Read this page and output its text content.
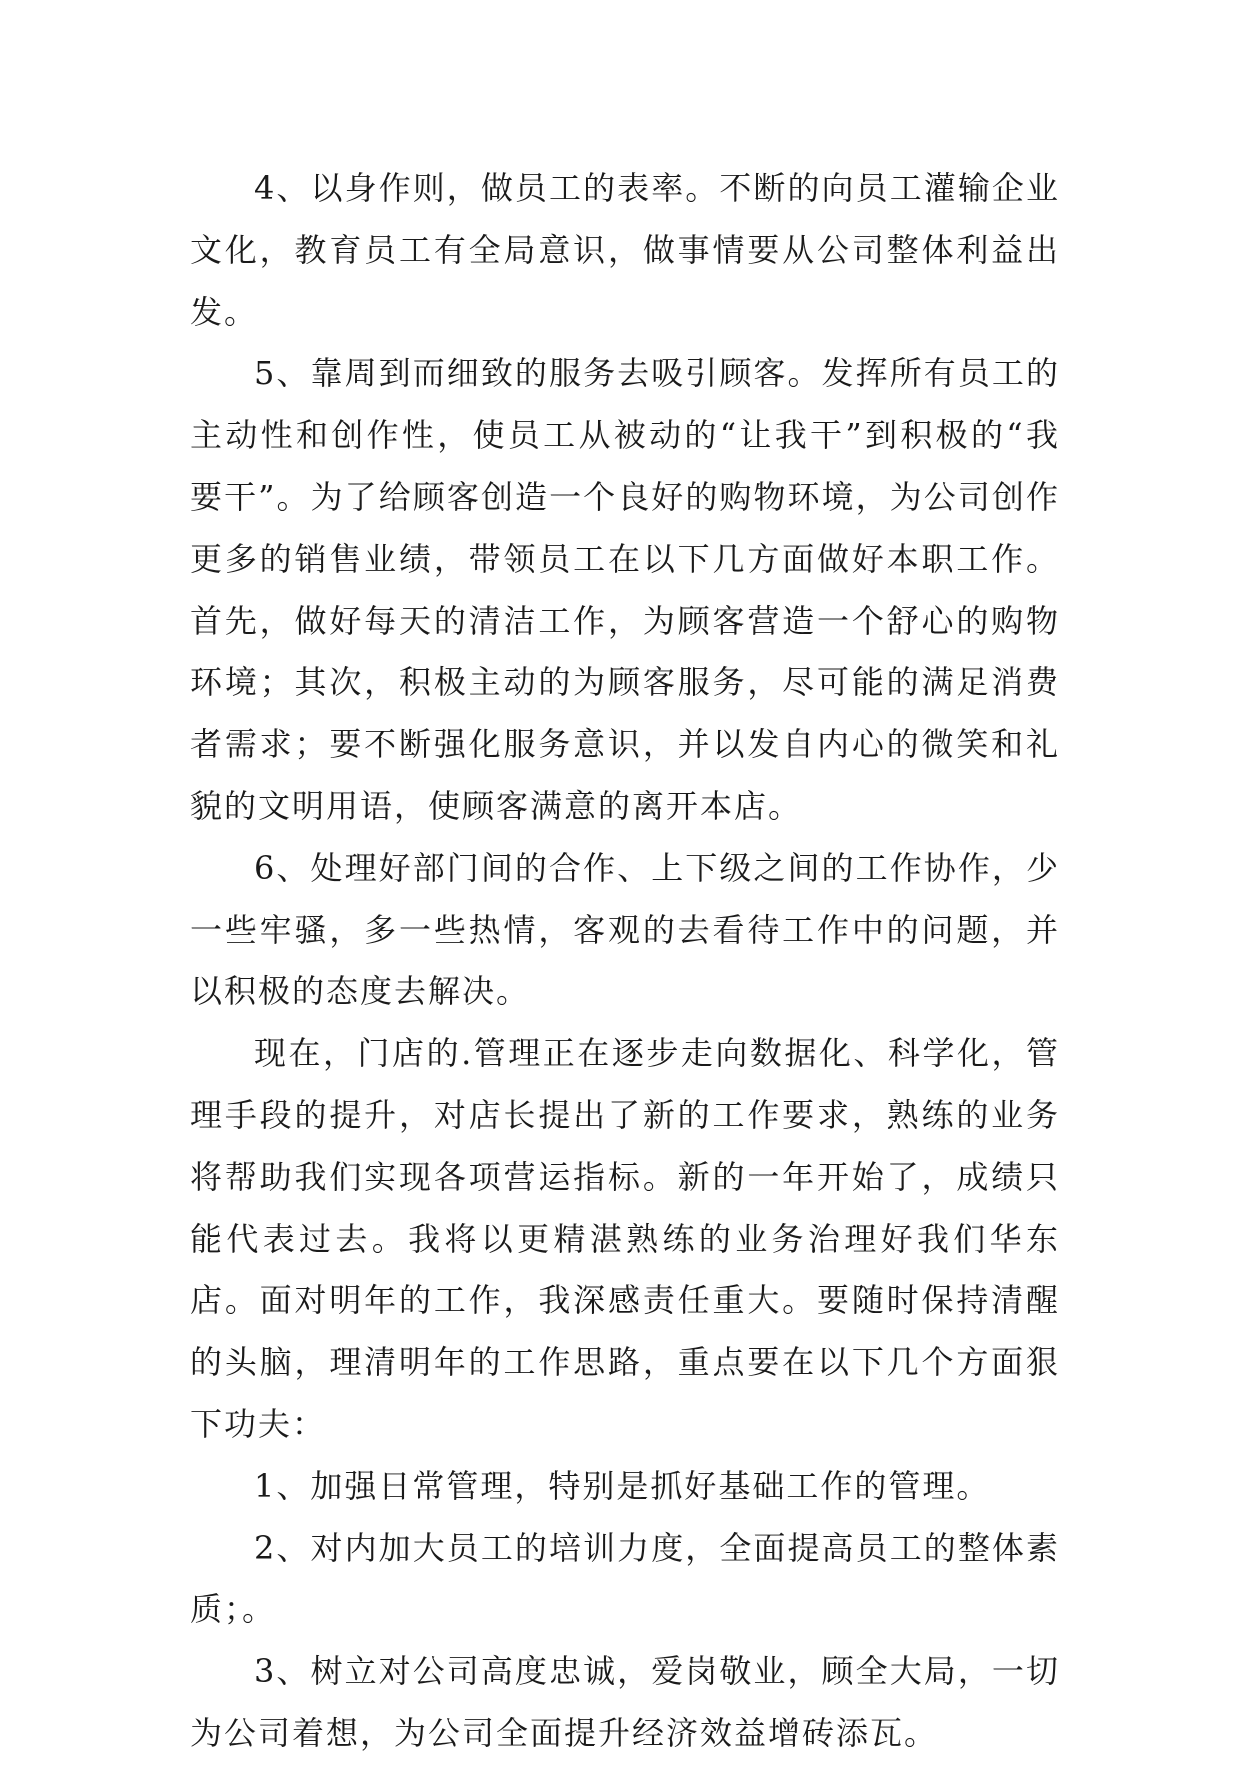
4、以身作则，做员工的表率。不断的向员工灌输企业文化，教育员工有全局意识，做事情要从公司整体利益出发。

5、靠周到而细致的服务去吸引顾客。发挥所有员工的主动性和创作性，使员工从被动的“让我干”到积极的“我要干”。为了给顾客创造一个良好的购物环境，为公司创作更多的销售业绩，带领员工在以下几方面做好本职工作。首先，做好每天的清洁工作，为顾客营造一个舒心的购物环境；其次，积极主动的为顾客服务，尽可能的满足消费者需求；要不断强化服务意识，并以发自内心的微笑和礼貌的文明用语，使顾客满意的离开本店。

6、处理好部门间的合作、上下级之间的工作协作，少一些牢骚，多一些热情，客观的去看待工作中的问题，并以积极的态度去解决。

现在，门店的.管理正在逐步走向数据化、科学化，管理手段的提升，对店长提出了新的工作要求，熟练的业务将帮助我们实现各项营运指标。新的一年开始了，成绩只能代表过去。我将以更精湛熟练的业务治理好我们华东店。面对明年的工作，我深感责任重大。要随时保持清醒的头脑，理清明年的工作思路，重点要在以下几个方面狠下功夫：

1、加强日常管理，特别是抓好基础工作的管理。

2、对内加大员工的培训力度，全面提高员工的整体素质；。

3、树立对公司高度忠诚，爱岗敬业，顾全大局，一切为公司着想，为公司全面提升经济效益增砖添瓦。
